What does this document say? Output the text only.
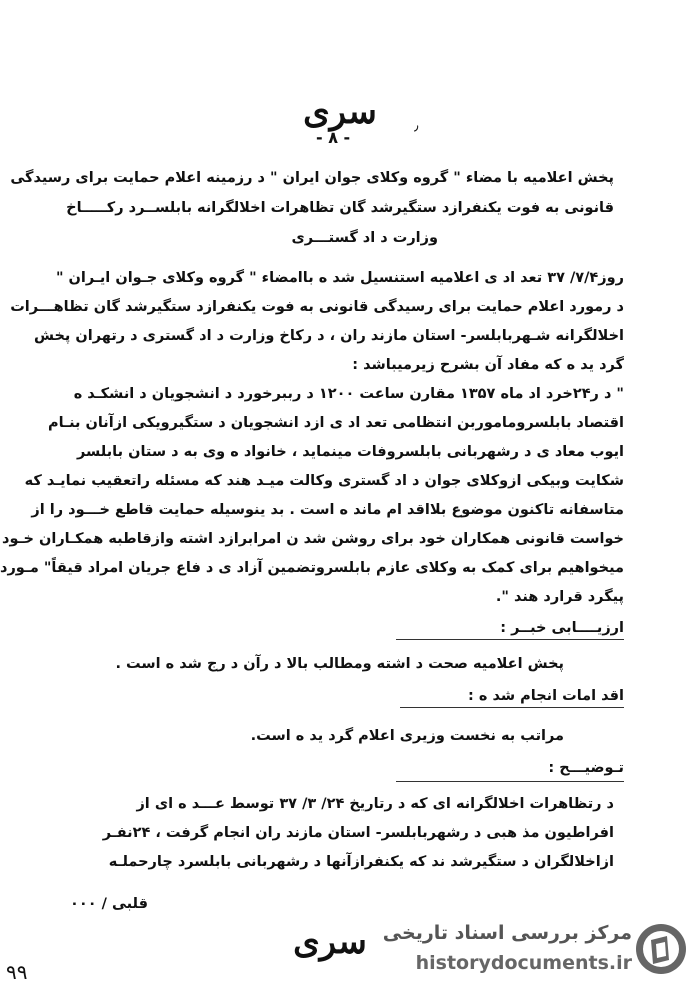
سری	٫
- ۸ -
پخش اعلامیه با مضاء " گروه وکلای جوان ایران " د رزمینه اعلام حمایت برای رسیدگی
قانونی به فوت یکنفرازد ستگیرشد گان تظاهرات اخلالگرانه بابلســرد رکـــــاخ
وزارت د اد گستـــری
روز۷/۴/ ۳۷ تعد اد ی اعلامیه استنسیل شد ه باامضاء " گروه وکلای جـوان ایـران "
د رمورد اعلام حمایت برای رسیدگی قانونی به فوت یکنفرازد ستگیرشد گان تظاهـــرات
اخلالگرانه شـهربابلسر- استان مازند ران ، د رکاخ وزارت د اد گستری د رتهران پخش
گرد ید ه که مفاد آن بشرح زیرمیباشد :
" د ر۲۴خرد اد ماه ۱۳۵۷ مقارن ساعت ۱۲۰۰ د رببرخورد د انشجویان د انشکـد ه
اقتصاد بابلسروماموربن انتظامی تعد اد ی ازد انشجویان د ستگیرویکی ازآنان بنـام
ایوب معاد ی د رشهربانی بابلسروفات مینماید ، خانواد ه وی به د ستان بابلسر
شکایت وبیکی ازوکلای جوان د اد گستری وکالت میـد هند که مسئله راتعقیب نمایـد که
متاسفانه تاکنون موضوع بلااقد ام ماند ه است . بد ینوسیله حمایت قاطع خـــود را از
خواست قانونی همکاران خود برای روشن شد ن امرابرازد اشته وازقاطبه همکـاران خـود
میخواهیم برای کمک به وکلای عازم بابلسروتضمین آزاد ی د فاع جریان امراد قیقاً" مـورد
پیگرد قرارد هند ".
ارزیــــابی خبــر :
پخش اعلامیه صحت د اشته ومطالب بالا د رآن د رج شد ه است .
اقد امات انجام شد ه :
مراتب به نخست وزیری اعلام گرد ید ه است.
تـوضیـــح :
د رتظاهرات اخلالگرانه ای که د رتاریخ ۲۴/ ۳/ ۳۷ توسط عـــد ه ای از
افراطیون مذ هبی د رشهربابلسر- استان مازند ران انجام گرفت ، ۲۴نفـر
ازاخلالگران د ستگیرشد ند که یکنفرازآنها د رشهربانی بابلسرد چارحملـه
قلبی / ۰۰۰
سری
۹۹
مرکز بررسی اسناد تاریخی
historydocuments.ir
